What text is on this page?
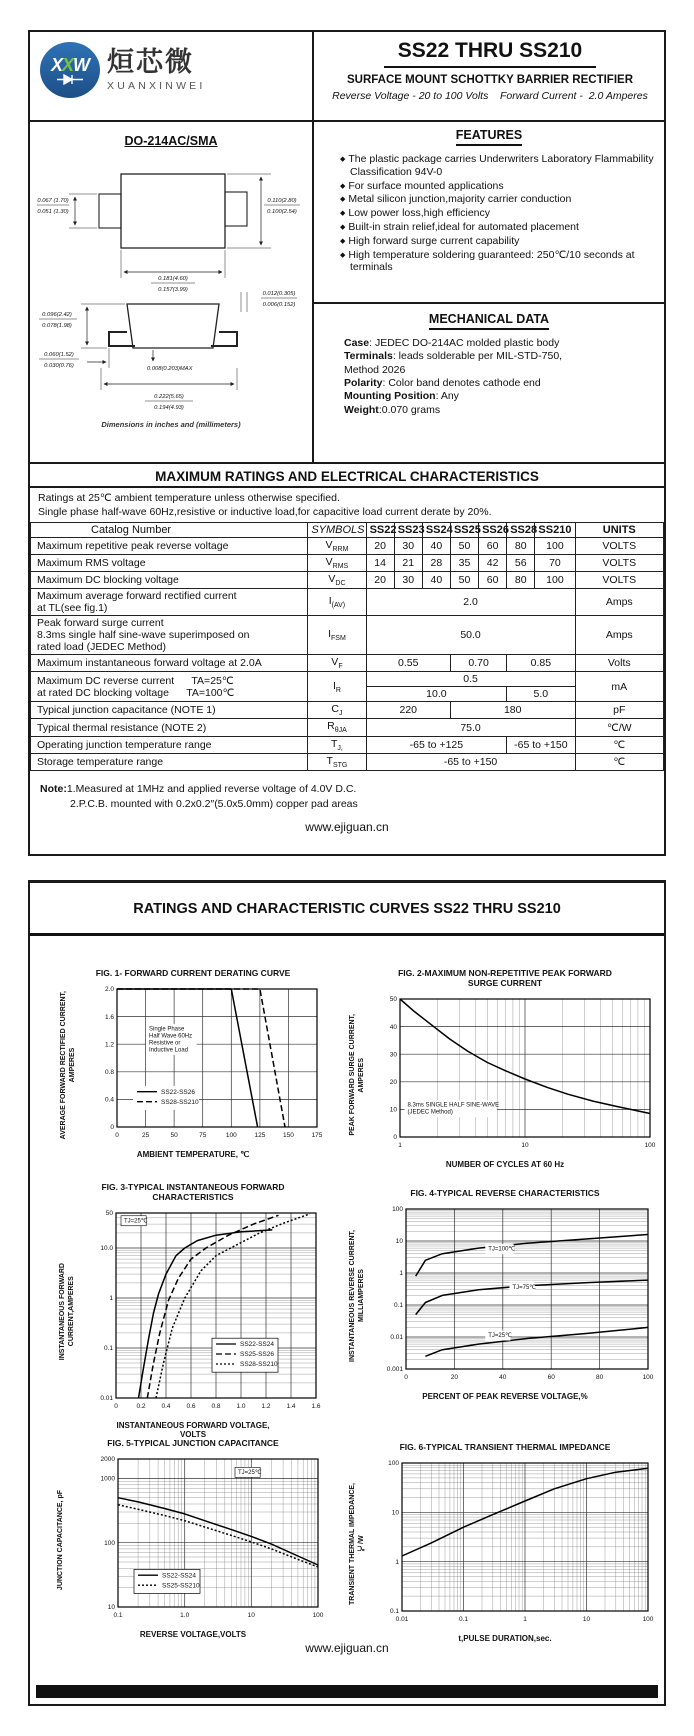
XXW 烜芯微
XUANXINWEI
DO-214AC/SMA
0.067 (1.70)
0.051 (1.30)
0.110(2.80)
0.100(2.54)
0.181(4.60)
0.157(3.99)
0.012(0.305)
0.006(0.152)
0.096(2.42)
0.078(1.98)
0.060(1.52)
0.030(0.76)	0.008(0.203)MAX
0.222(5.65)
0.194(4.93)
Dimensions in inches and (millimeters)
SS22 THRU SS210
SURFACE MOUNT SCHOTTKY BARRIER RECTIFIER
Reverse Voltage - 20 to 100 Volts    Forward Current -  2.0 Amperes
FEATURES
◆ The plastic package carries Underwriters Laboratory Flammability Classification 94V-0
◆ For surface mounted applications
◆ Metal silicon junction,majority carrier conduction
◆ Low power loss,high efficiency
◆ Built-in strain relief,ideal for automated placement
◆ High forward surge current capability
◆ High temperature soldering guaranteed: 250℃/10 seconds at terminals
MECHANICAL DATA
Case: JEDEC DO-214AC molded plastic body
Terminals: leads solderable per MIL-STD-750,
Method 2026
Polarity: Color band denotes cathode end
Mounting Position: Any
Weight:0.070 grams
MAXIMUM RATINGS AND ELECTRICAL CHARACTERISTICS
Ratings at 25℃ ambient temperature unless otherwise specified.
Single phase half-wave 60Hz,resistive or inductive load,for capacitive load current derate by 20%.
Catalog Number	SYMBOLS	SS22	SS23	SS24	SS25	SS26	SS28	SS210	UNITS
Maximum repetitive peak reverse voltage	$V_{RRM}$	20	30	40	50	60	80	100	VOLTS
Maximum RMS voltage	$V_{RMS}$	14	21	28	35	42	56	70	VOLTS
Maximum DC blocking voltage	$V_{DC}$	20	30	40	50	60	80	100	VOLTS
Maximum average forward rectified current
at TL(see fig.1)	$I_{(AV)}$	2.0							Amps
Peak forward surge current
8.3ms single half sine-wave superimposed on
rated load (JEDEC Method)	$I_{FSM}$	50.0							Amps
Maximum instantaneous forward voltage at 2.0A	$V_F$	0.55			0.70		0.85		Volts
Maximum DC reverse current      TA=25℃
at rated DC blocking voltage      TA=100℃	$I_R$	0.5							mA
		10.0					5.0		
Typical junction capacitance (NOTE 1)	$C_J$	220			180				pF
Typical thermal resistance (NOTE 2)	$R_{\theta JA}$	75.0							℃/W
Operating junction temperature range	$T_{J,}$	-65 to +125					-65 to +150		℃
Storage temperature range	$T_{STG}$	-65 to +150							℃
Note:1.Measured at 1MHz and applied reverse voltage of 4.0V D.C.
2.P.C.B. mounted with 0.2x0.2″(5.0x5.0mm) copper pad areas
www.ejiguan.cn
RATINGS AND CHARACTERISTIC CURVES SS22 THRU SS210
FIG. 1- FORWARD CURRENT DERATING CURVE
AVERAGE FORWARD RECTIFIED CURRENT,
AMPERES
0	25	50	75	100	125	150	175
0
0.4
0.8
1.2
1.6
2.0
Single Phase
Half Wave 60Hz
Resistive or
Inductive Load
SS22-SS26
SS28-SS210
AMBIENT TEMPERATURE, ℃
FIG. 2-MAXIMUM NON-REPETITIVE PEAK FORWARD
SURGE CURRENT
PEAK FORWARD SURGE CURRENT,
AMPERES
1	10	100
0
10
20
30
40
50
8.3ms SINGLE HALF SINE-WAVE
(JEDEC Method)
NUMBER OF CYCLES AT 60 Hz
FIG. 3-TYPICAL INSTANTANEOUS FORWARD
CHARACTERISTICS
INSTANTANEOUS FORWARD
CURRENT,AMPERES
0	0.2 0.4 0.6 0.8 1.0 1.2 1.4 1.6
0.01
0.1
1
10.0
50
TJ=25℃
SS22-SS24
SS25-SS26
SS28-SS210
INSTANTANEOUS FORWARD VOLTAGE,
VOLTS
FIG. 4-TYPICAL REVERSE CHARACTERISTICS
INSTANTANEOUS REVERSE CURRENT,
MILLIAMPERES
0	20	40	60	80	100
0.001
0.01
0.1
1
10
100
TJ=100℃
TJ=75℃
TJ=25℃
PERCENT OF PEAK REVERSE VOLTAGE,%
FIG. 5-TYPICAL JUNCTION CAPACITANCE
JUNCTION CAPACITANCE, pF
0.1	1.0	10	100
10
100
1000
2000
TJ=25℃
SS22-SS24
SS25-SS210
REVERSE VOLTAGE,VOLTS
FIG. 6-TYPICAL TRANSIENT THERMAL IMPEDANCE
TRANSIENT THERMAL IMPEDANCE,
℃/W
0.01	0.1	1	10	100
0.1
1
10
100
t,PULSE DURATION,sec.
www.ejiguan.cn
